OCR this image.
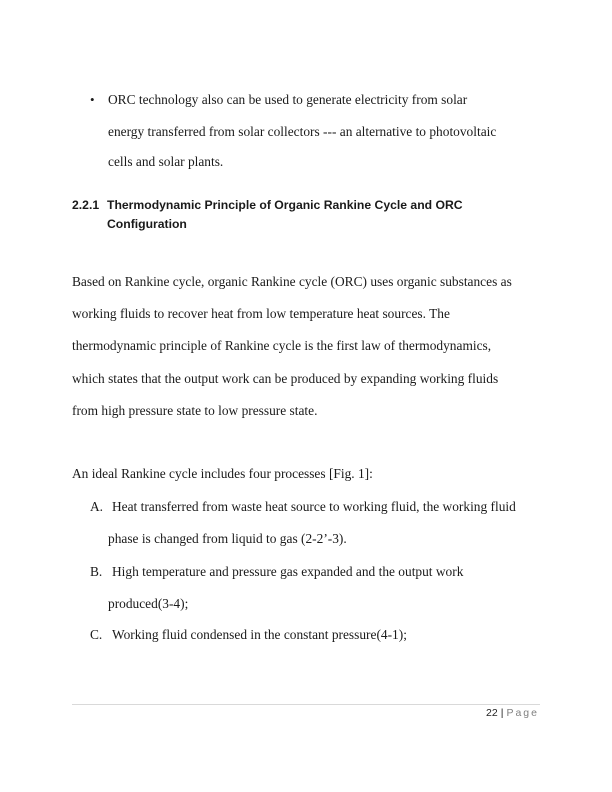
• ORC technology also can be used to generate electricity from solar
energy transferred from solar collectors --- an alternative to photovoltaic
cells and solar plants.
2.2.1 Thermodynamic Principle of Organic Rankine Cycle and ORC
Configuration
Based on Rankine cycle, organic Rankine cycle (ORC) uses organic substances as
working fluids to recover heat from low temperature heat sources. The
thermodynamic principle of Rankine cycle is the first law of thermodynamics,
which states that the output work can be produced by expanding working fluids
from high pressure state to low pressure state.
An ideal Rankine cycle includes four processes [Fig. 1]:
A. Heat transferred from waste heat source to working fluid, the working fluid
phase is changed from liquid to gas (2-2’-3).
B. High temperature and pressure gas expanded and the output work
produced(3-4);
C. Working fluid condensed in the constant pressure(4-1);
22 | Page
